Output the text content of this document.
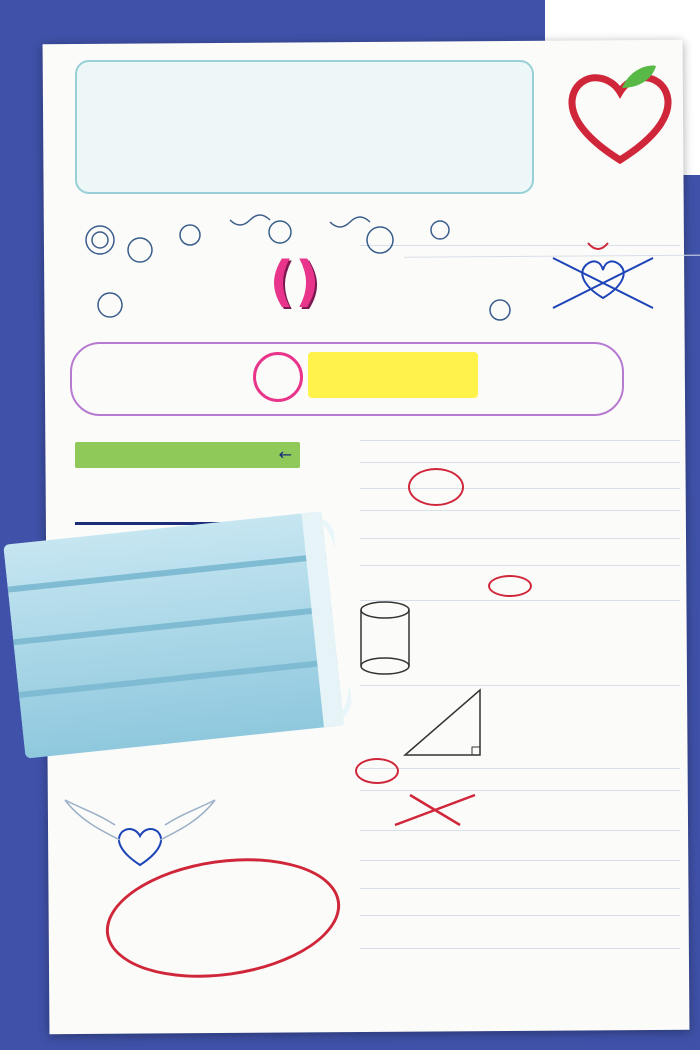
()
←
